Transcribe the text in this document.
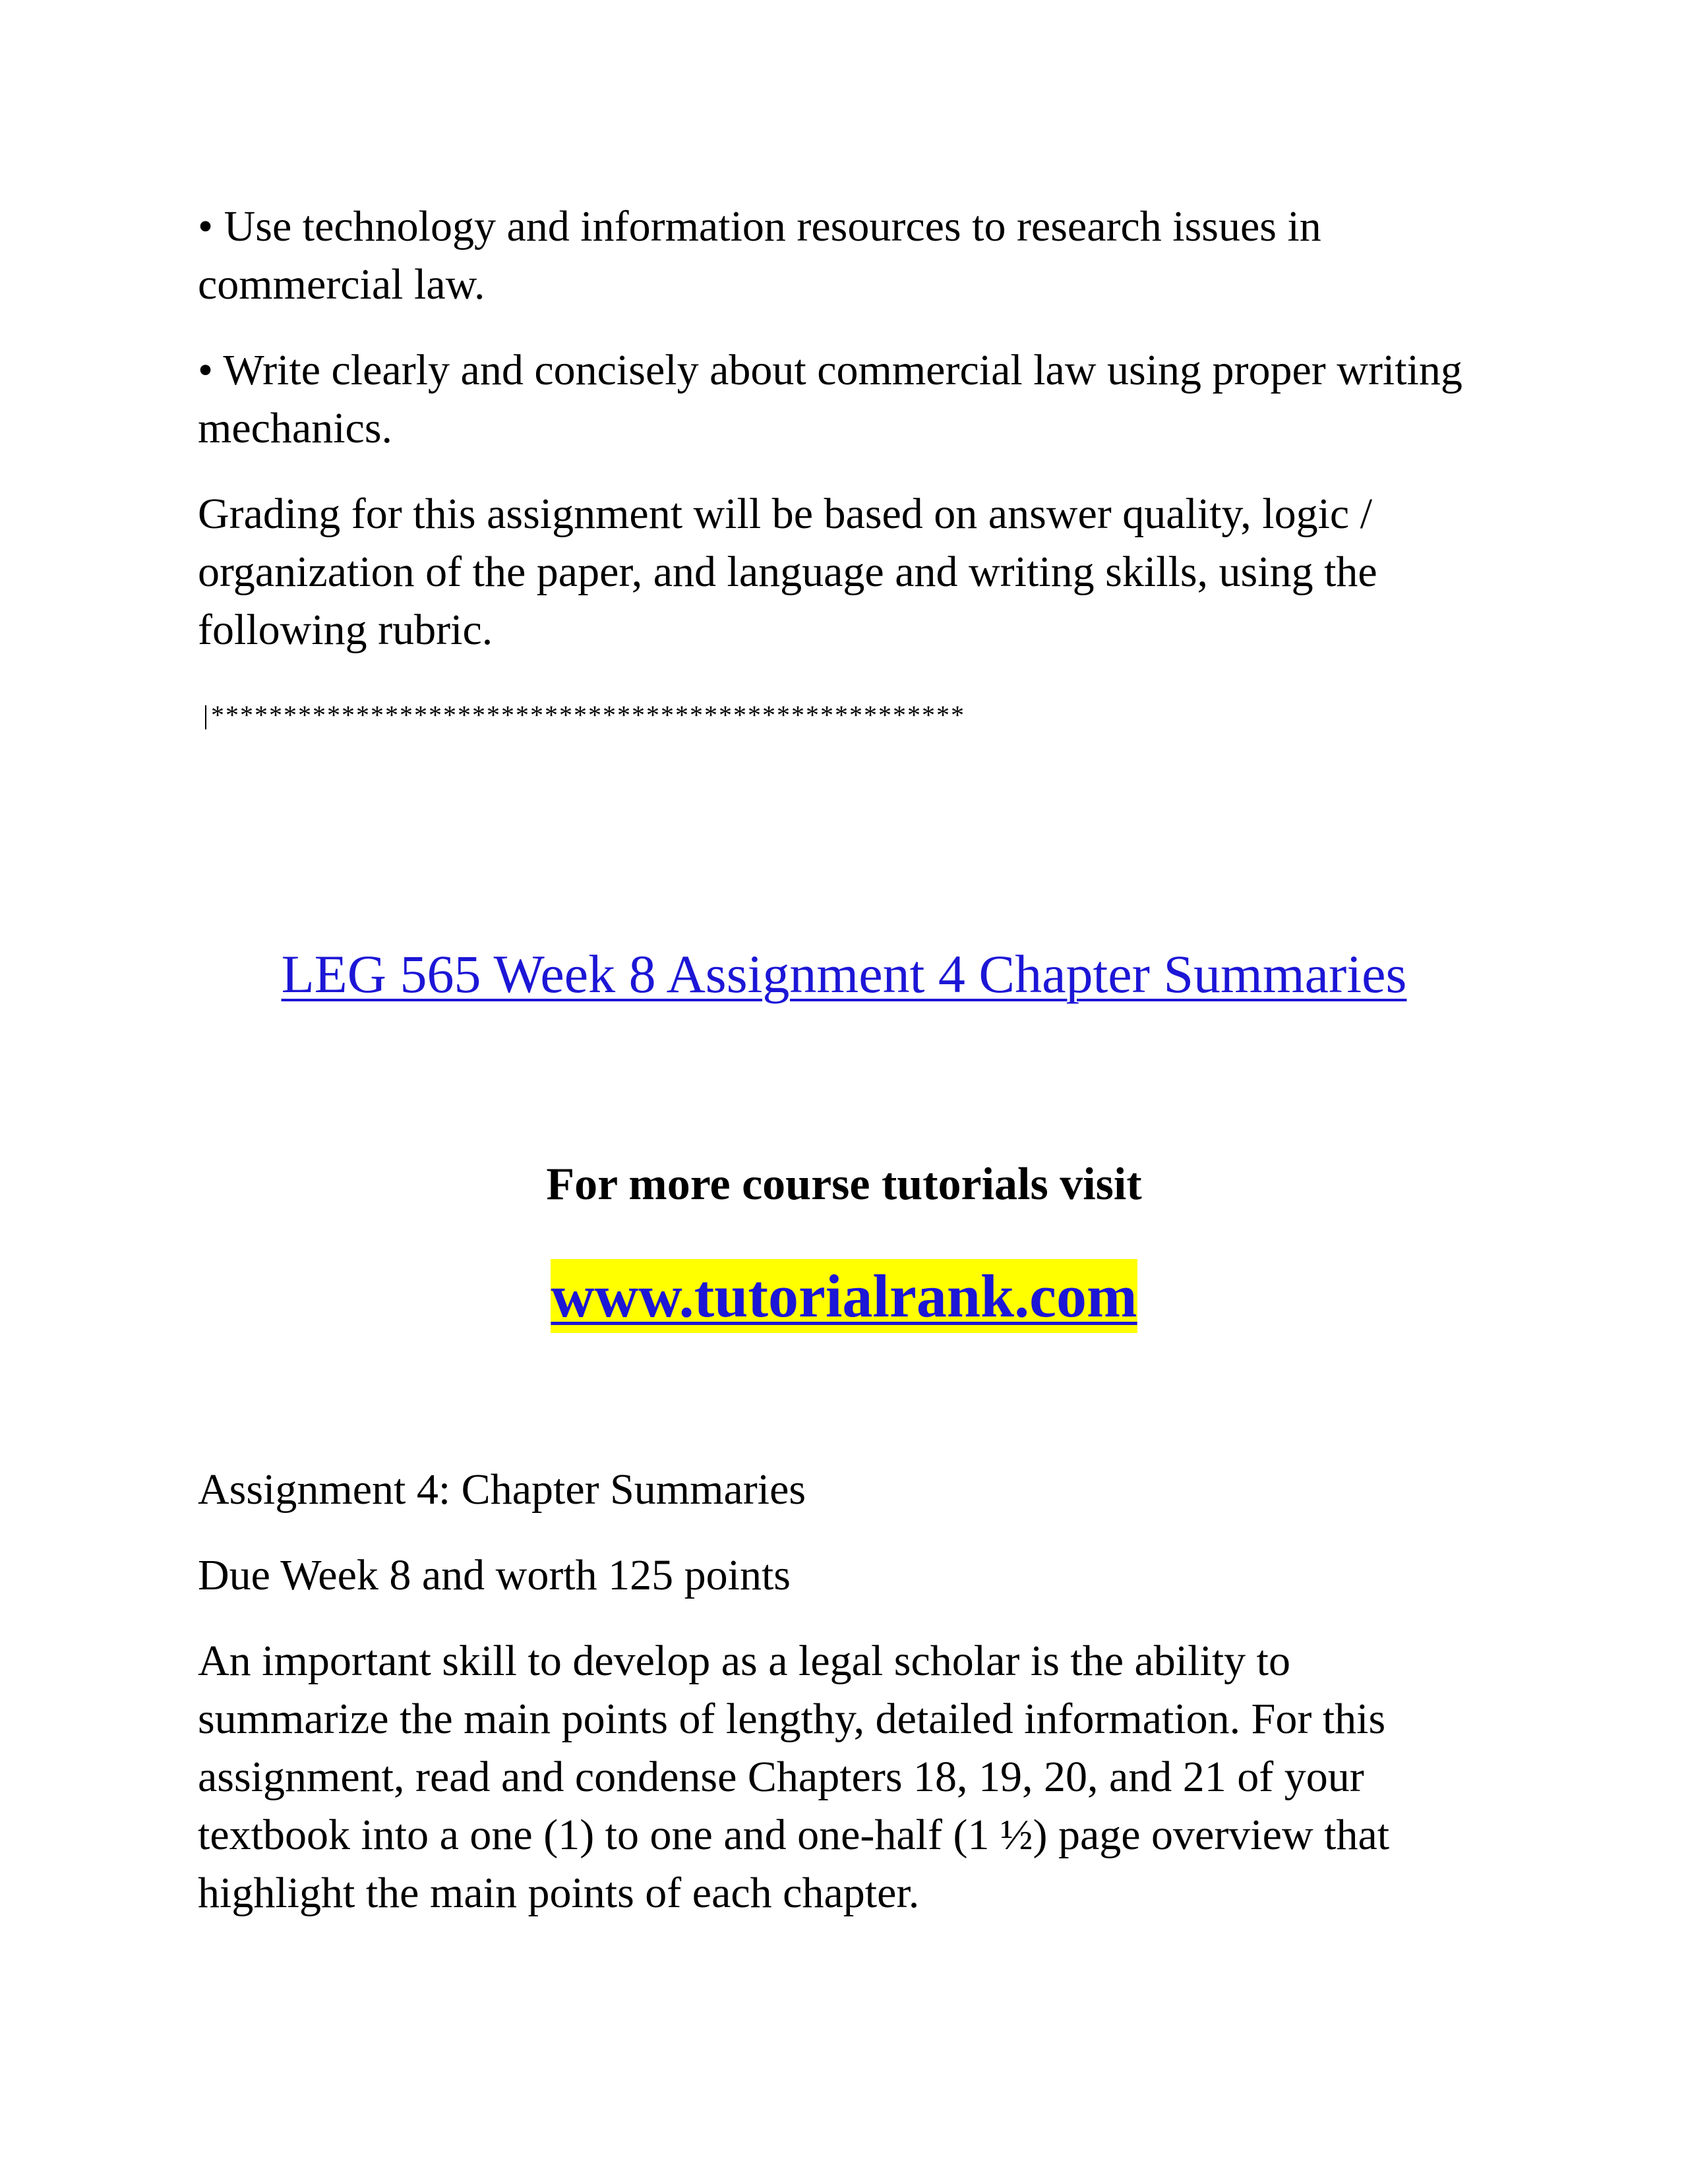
• Use technology and information resources to research issues in
commercial law.

• Write clearly and concisely about commercial law using proper writing
mechanics.

Grading for this assignment will be based on answer quality, logic /
organization of the paper, and language and writing skills, using the
following rubric.

|****************************************************
LEG 565 Week 8 Assignment 4 Chapter Summaries
For more course tutorials visit
www.tutorialrank.com

Assignment 4: Chapter Summaries

Due Week 8 and worth 125 points

An important skill to develop as a legal scholar is the ability to
summarize the main points of lengthy, detailed information. For this
assignment, read and condense Chapters 18, 19, 20, and 21 of your
textbook into a one (1) to one and one-half (1 ½) page overview that
highlight the main points of each chapter.
